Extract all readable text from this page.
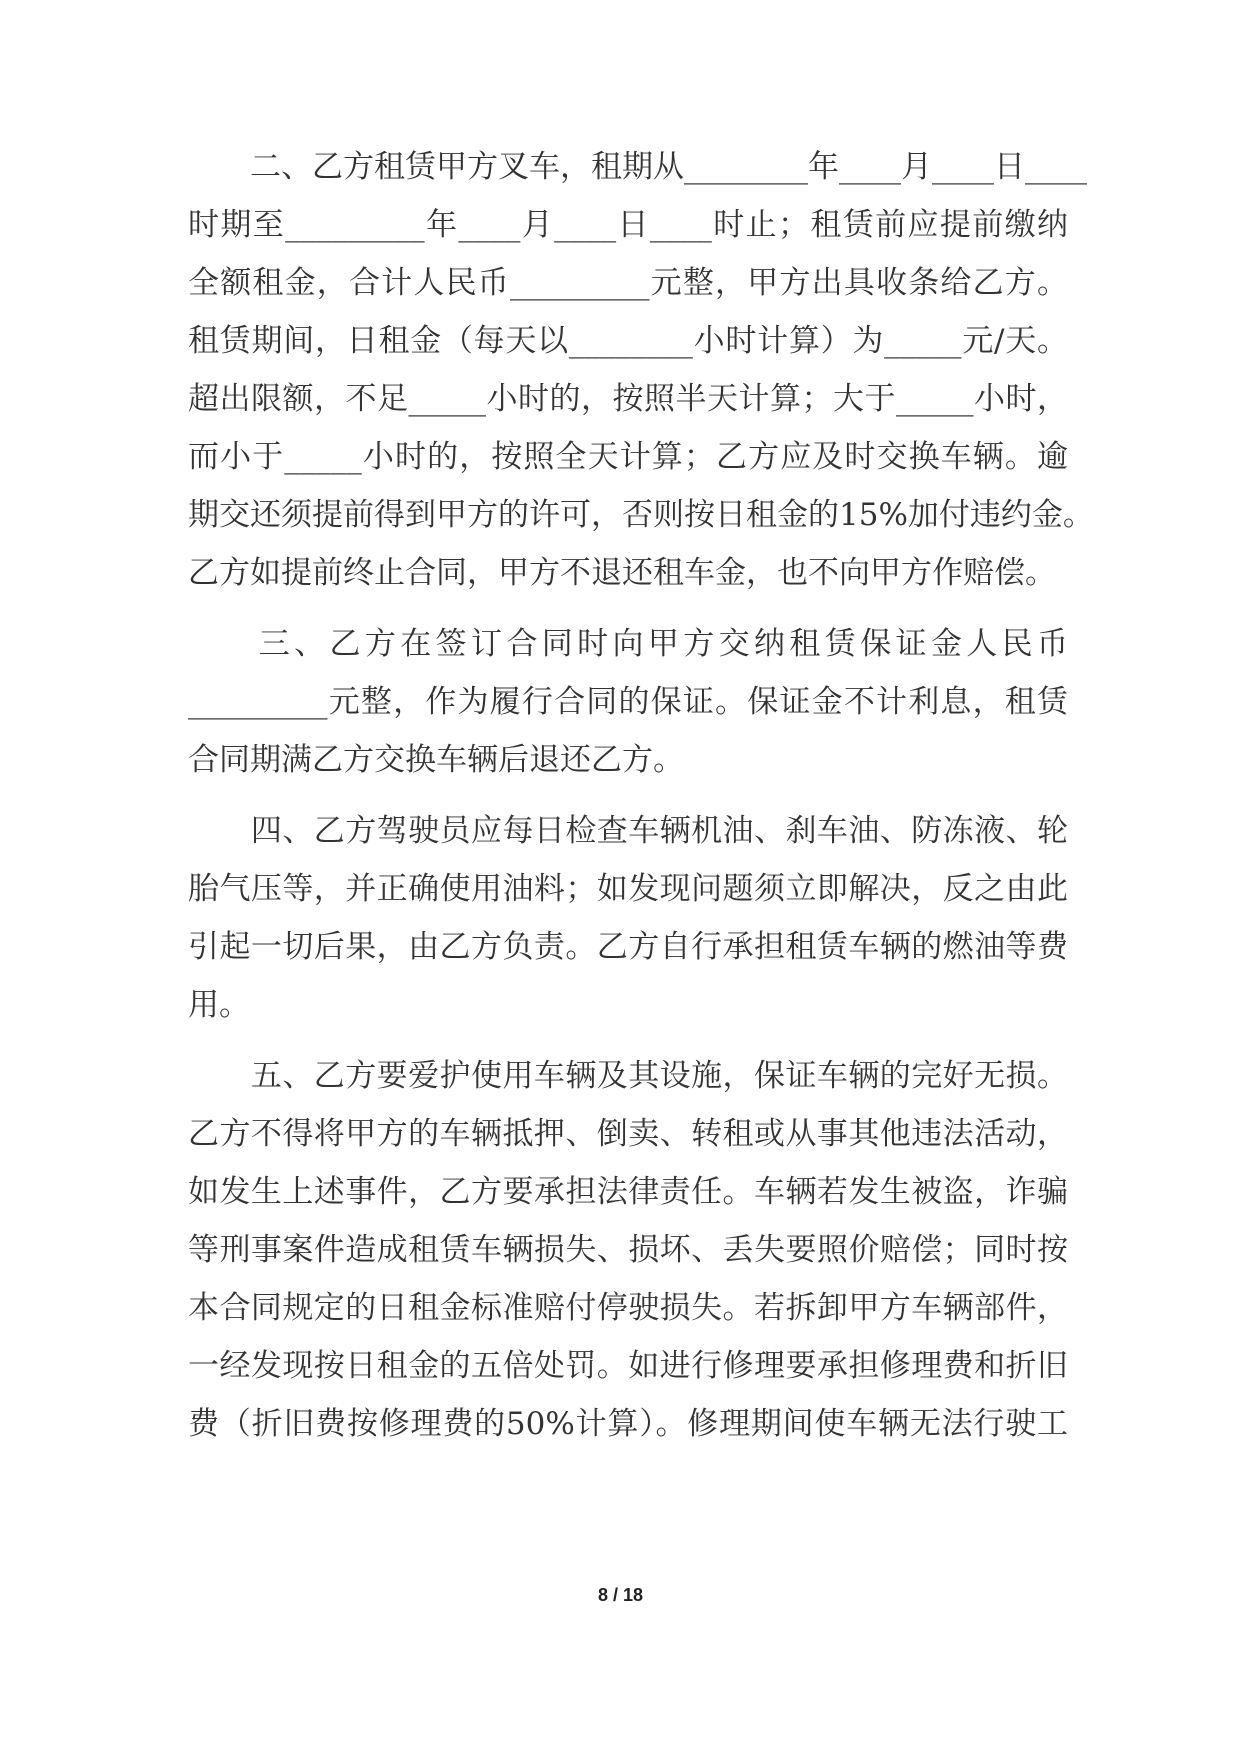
　　二、乙方租赁甲方叉车，租期从________年____月____日____
时期至_________年____月____日____时止；租赁前应提前缴纳
全额租金，合计人民币_________元整，甲方出具收条给乙方。
租赁期间，日租金（每天以________小时计算）为_____元/天。
超出限额，不足_____小时的，按照半天计算；大于_____小时，
而小于_____小时的，按照全天计算；乙方应及时交换车辆。逾
期交还须提前得到甲方的许可，否则按日租金的15%加付违约金。
乙方如提前终止合同，甲方不退还租车金，也不向甲方作赔偿。
　　三、乙方在签订合同时向甲方交纳租赁保证金人民币
_________元整，作为履行合同的保证。保证金不计利息，租赁
合同期满乙方交换车辆后退还乙方。
　　四、乙方驾驶员应每日检查车辆机油、刹车油、防冻液、轮
胎气压等，并正确使用油料；如发现问题须立即解决，反之由此
引起一切后果，由乙方负责。乙方自行承担租赁车辆的燃油等费
用。
　　五、乙方要爱护使用车辆及其设施，保证车辆的完好无损。
乙方不得将甲方的车辆抵押、倒卖、转租或从事其他违法活动，
如发生上述事件，乙方要承担法律责任。车辆若发生被盗，诈骗
等刑事案件造成租赁车辆损失、损坏、丢失要照价赔偿；同时按
本合同规定的日租金标准赔付停驶损失。若拆卸甲方车辆部件，
一经发现按日租金的五倍处罚。如进行修理要承担修理费和折旧
费（折旧费按修理费的50%计算）。修理期间使车辆无法行驶工
8 / 18
